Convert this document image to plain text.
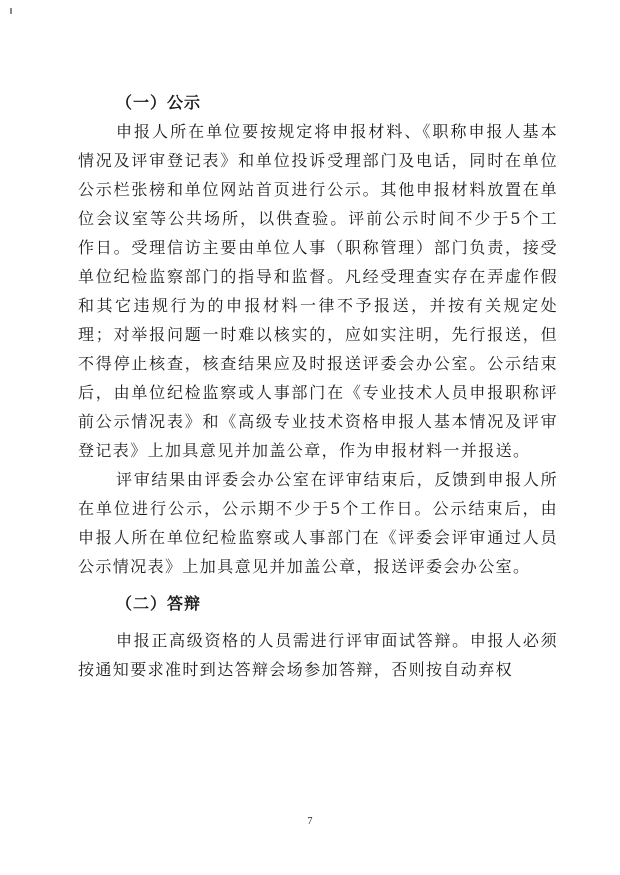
（一）公示

申报人所在单位要按规定将申报材料、《职称申报人基本情况及评审登记表》和单位投诉受理部门及电话，同时在单位公示栏张榜和单位网站首页进行公示。其他申报材料放置在单位会议室等公共场所，以供查验。评前公示时间不少于5个工作日。受理信访主要由单位人事（职称管理）部门负责，接受单位纪检监察部门的指导和监督。凡经受理查实存在弄虚作假和其它违规行为的申报材料一律不予报送，并按有关规定处理；对举报问题一时难以核实的，应如实注明，先行报送，但不得停止核查，核查结果应及时报送评委会办公室。公示结束后，由单位纪检监察或人事部门在《专业技术人员申报职称评前公示情况表》和《高级专业技术资格申报人基本情况及评审登记表》上加具意见并加盖公章，作为申报材料一并报送。

评审结果由评委会办公室在评审结束后，反馈到申报人所在单位进行公示，公示期不少于5个工作日。公示结束后，由申报人所在单位纪检监察或人事部门在《评委会评审通过人员公示情况表》上加具意见并加盖公章，报送评委会办公室。

（二）答辩

申报正高级资格的人员需进行评审面试答辩。申报人必须按通知要求准时到达答辩会场参加答辩，否则按自动弃权

7
